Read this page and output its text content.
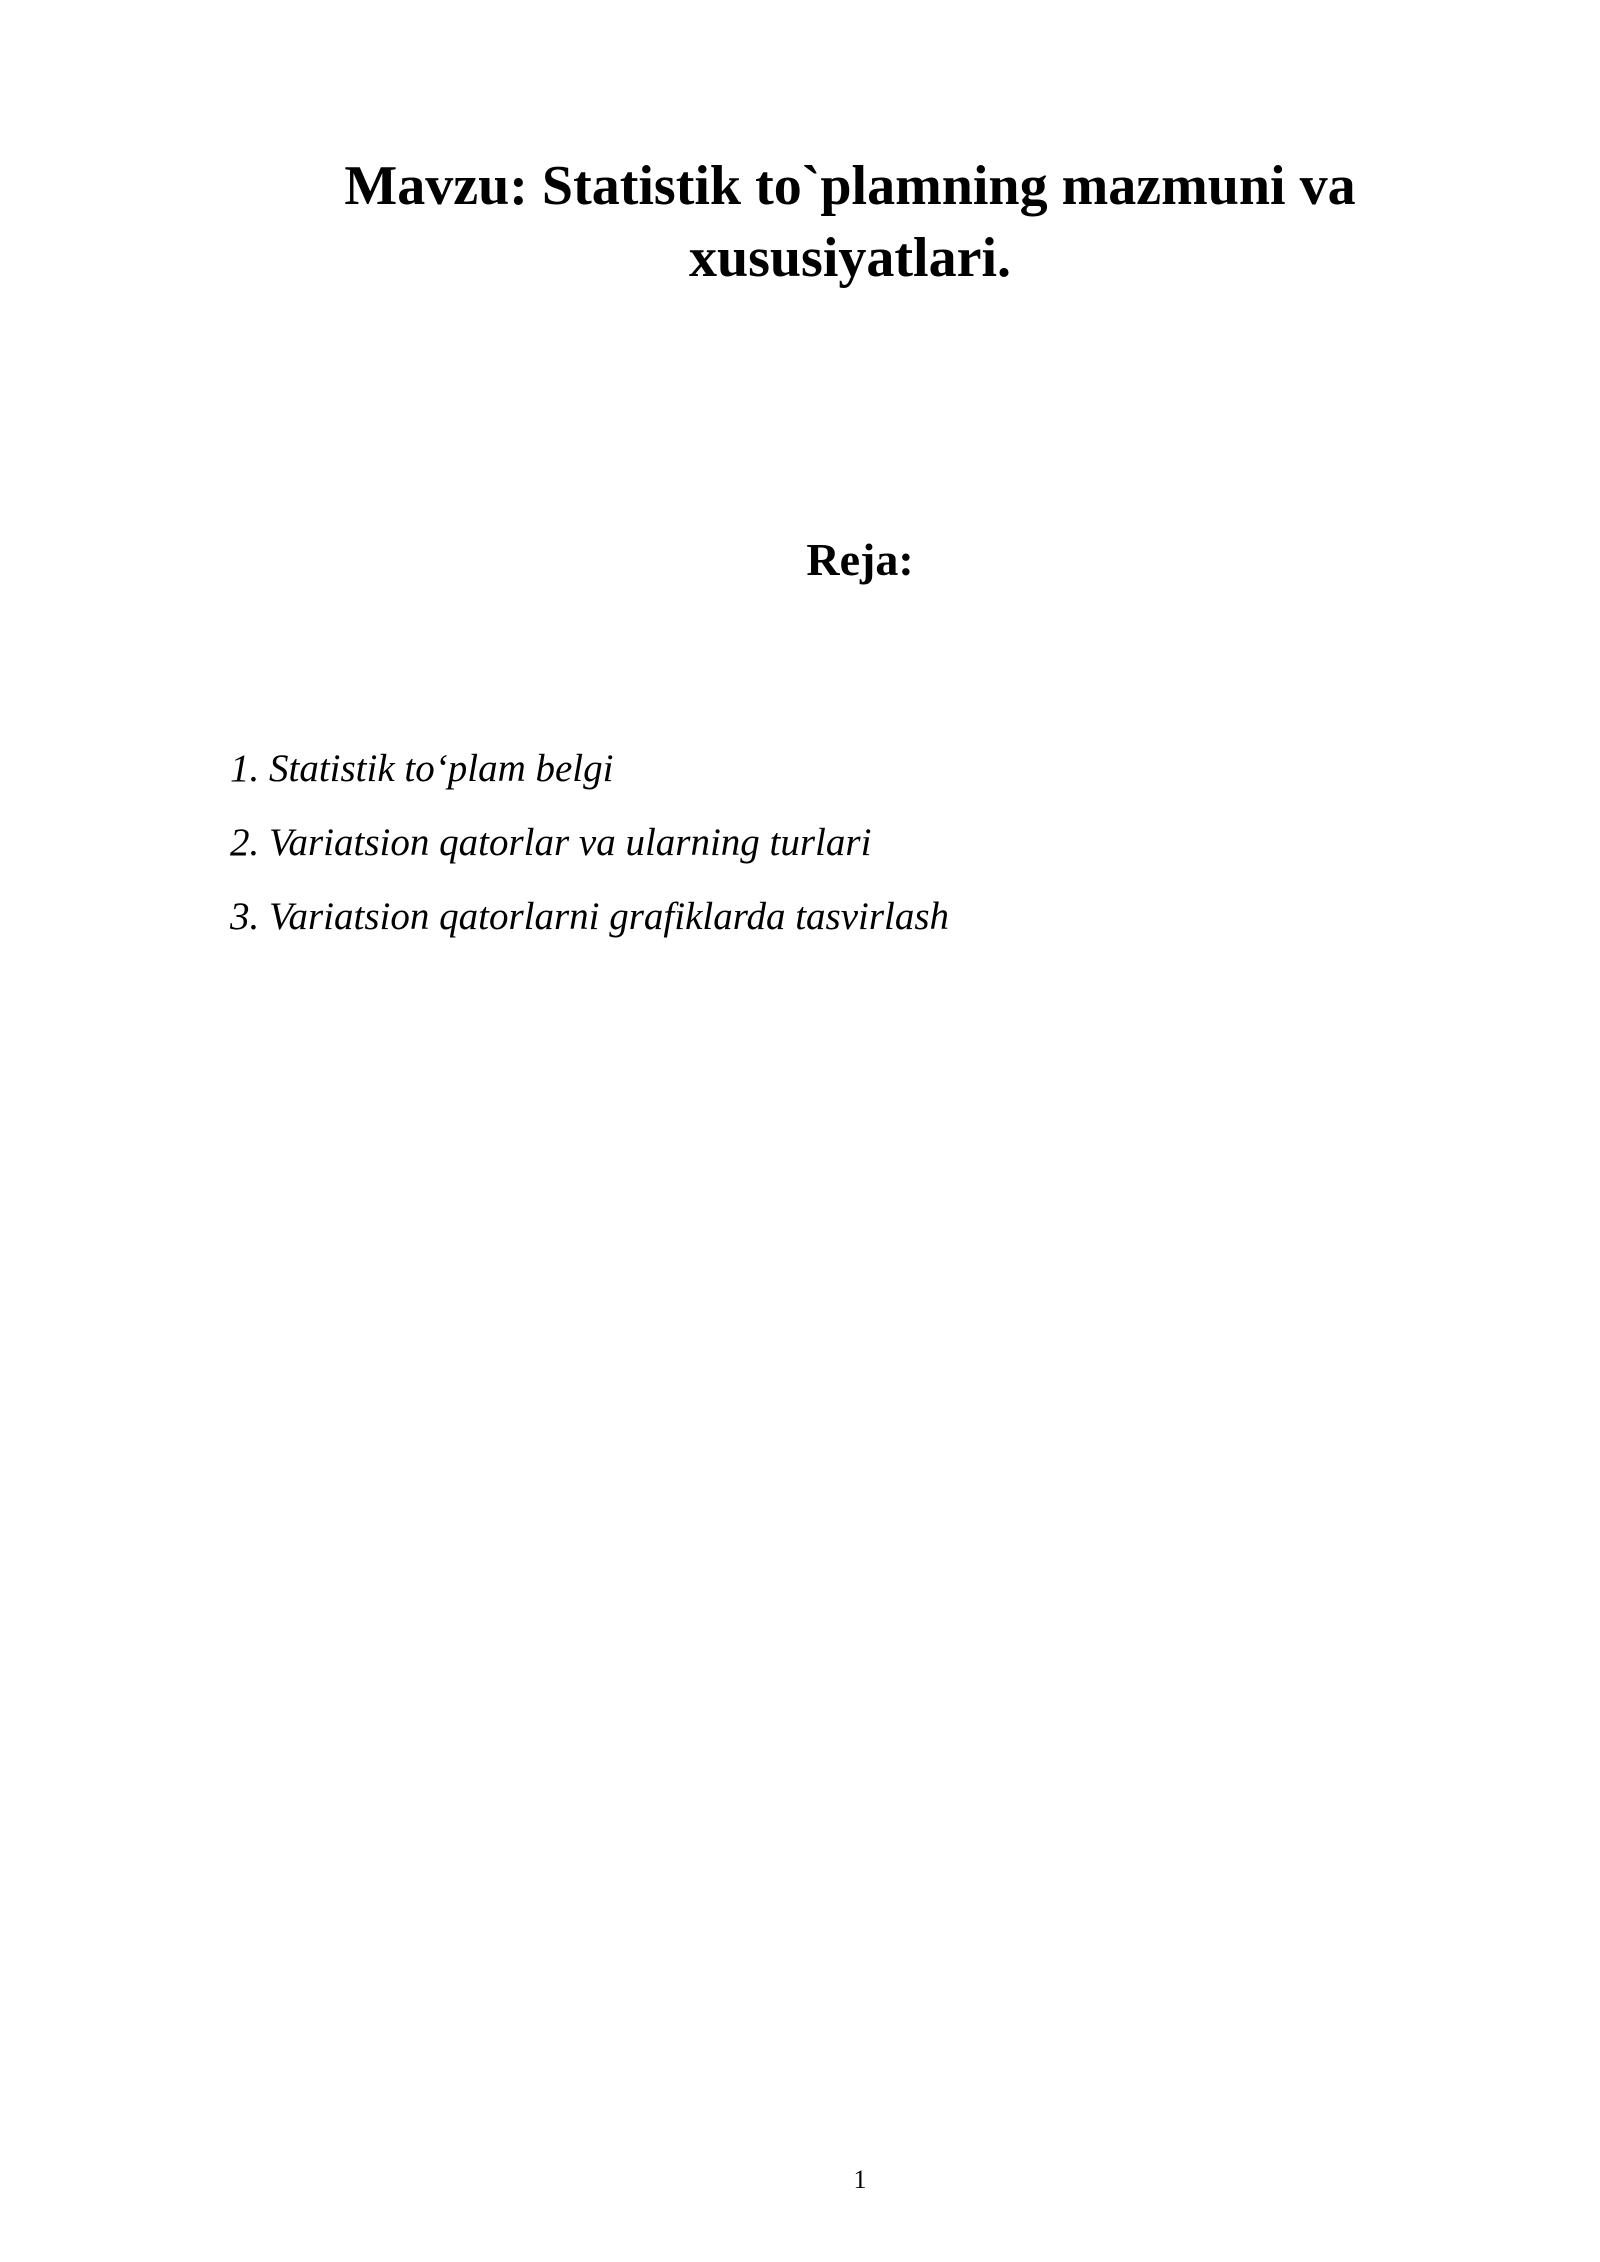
Mavzu: Statistik to`plamning mazmuni va
xususiyatlari.
Reja:
1. Statistik to‘plam belgi
2. Variatsion qatorlar va ularning turlari
3. Variatsion qatorlarni grafiklarda tasvirlash
1
